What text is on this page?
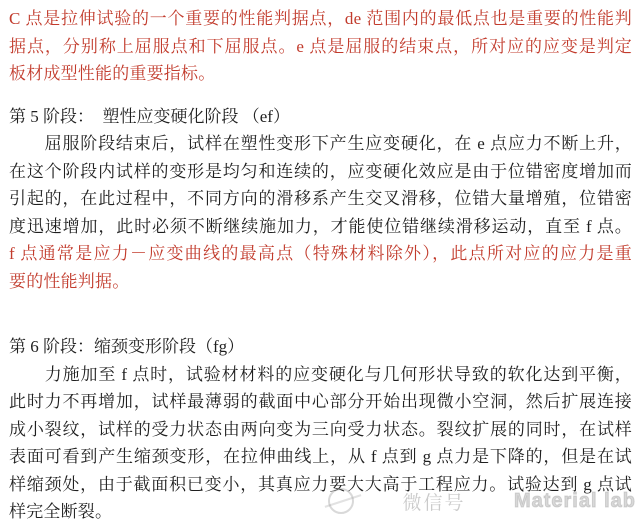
C 点是拉伸试验的一个重要的性能判据点，de 范围内的最低点也是重要的性能判
据点，分别称上屈服点和下屈服点。e 点是屈服的结束点，所对应的应变是判定
板材成型性能的重要指标。
第 5 阶段：  塑性应变硬化阶段 （ef）
　　屈服阶段结束后，试样在塑性变形下产生应变硬化，在 e 点应力不断上升，
在这个阶段内试样的变形是均匀和连续的，应变硬化效应是由于位错密度增加而
引起的，在此过程中，不同方向的滑移系产生交叉滑移，位错大量增殖，位错密
度迅速增加，此时必须不断继续施加力，才能使位错继续滑移运动，直至 f 点。
f 点通常是应力－应变曲线的最高点（特殊材料除外），此点所对应的应力是重
要的性能判据。
第 6 阶段：缩颈变形阶段（fg）
　　力施加至 f 点时，试验材材料的应变硬化与几何形状导致的软化达到平衡，
此时力不再增加，试样最薄弱的截面中心部分开始出现微小空洞，然后扩展连接
成小裂纹，试样的受力状态由两向变为三向受力状态。裂纹扩展的同时，在试样
表面可看到产生缩颈变形，在拉伸曲线上，从 f 点到 g 点力是下降的，但是在试
样缩颈处，由于截面积已变小，其真应力要大大高于工程应力。试验达到 g 点试
样完全断裂。	微信号 Material lab
